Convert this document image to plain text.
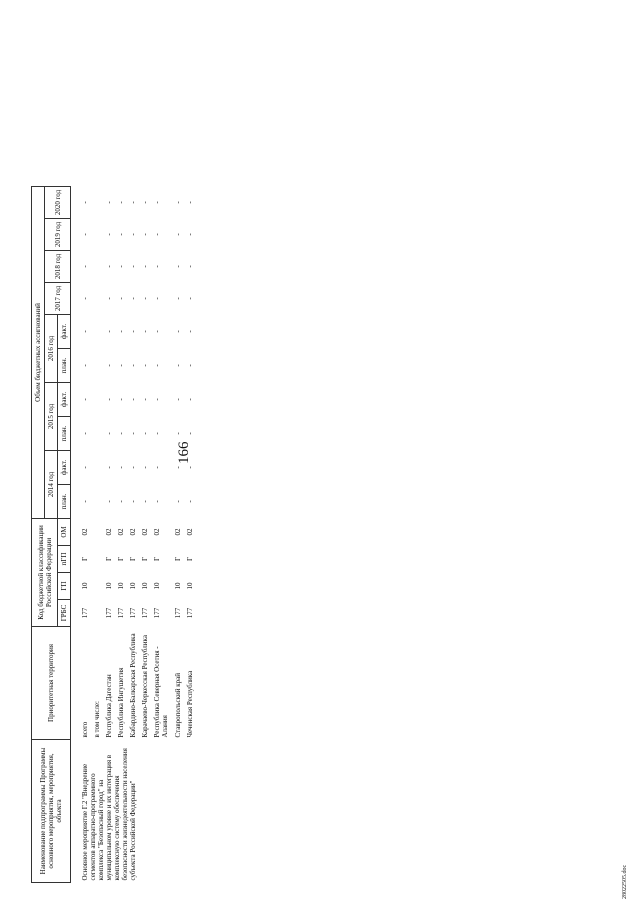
166
28022505.doc
Наименование подпрограммы Программы основного мероприятия, мероприятия, объекта	Приоритетная территория	Код бюджетной классификации Российской Федерации				Объем бюджетных ассигнований									
						2014 год		2015 год		2016 год		2017 год	2018 год	2019 год	2020 год
		ГРБС	ГП	пГП	ОМ	план.	факт.	план.	факт.	план.	факт.				

Основное мероприятие Г.2 "Внедрение сегментов аппаратно-программного комплекса "Безопасный город" на муниципальном уровне и их интеграция в комплексную систему обеспечения безопасности жизнедеятельности населения субъекта Российской Федерации"	всего	177	10	Г	02	-	-	-	-	-	-	-	-	-	-
	в том числе:														
	Республика Дагестан	177	10	Г	02	-	-	-	-	-	-	-	-	-	-
	Республика Ингушетия	177	10	Г	02	-	-	-	-	-	-	-	-	-	-
	Кабардино-Балкарская Республика	177	10	Г	02	-	-	-	-	-	-	-	-	-	-
	Карачаево-Черкесская Республика	177	10	Г	02	-	-	-	-	-	-	-	-	-	-
	Республика Северная Осетия - Алания	177	10	Г	02	-	-	-	-	-	-	-	-	-	-
	Ставропольский край	177	10	Г	02	-	-	-	-	-	-	-	-	-	-
	Чеченская Республика	177	10	Г	02	-	-	-	-	-	-	-	-	-	-
